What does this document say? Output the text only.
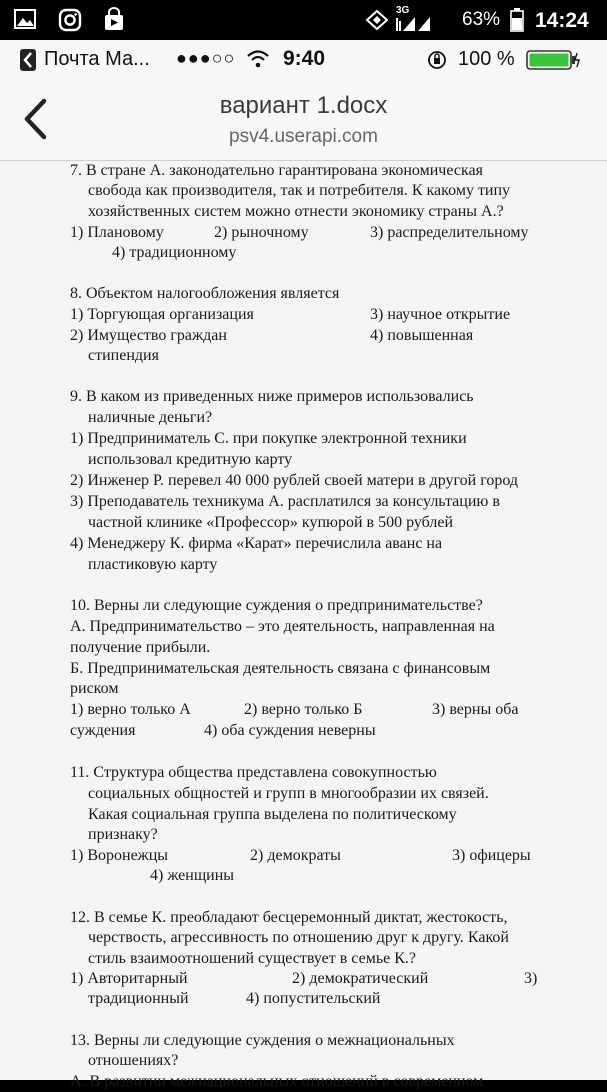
3G	63% 14:24
Почта Ма... ●●●○○ 9:40	100 %
вариант 1.docx
psv4.userapi.com
7. В стране А. законодательно гарантирована экономическая
свобода как производителя, так и потребителя. К какому типу
хозяйственных систем можно отнести экономику страны А.?
1) Плановому	2) рыночному	3) распределительному
4) традиционному
8. Объектом налогообложения является
1) Торгующая организация	3) научное открытие
2) Имущество граждан	4) повышенная
стипендия
9. В каком из приведенных ниже примеров использовались
наличные деньги?
1) Предприниматель С. при покупке электронной техники
использовал кредитную карту
2) Инженер Р. перевел 40 000 рублей своей матери в другой город
3) Преподаватель техникума А. расплатился за консультацию в
частной клинике «Профессор» купюрой в 500 рублей
4) Менеджеру К. фирма «Карат» перечислила аванс на
пластиковую карту
10. Верны ли следующие суждения о предпринимательстве?
А. Предпринимательство – это деятельность, направленная на
получение прибыли.
Б. Предпринимательская деятельность связана с финансовым
риском
1) верно только А	2) верно только Б	3) верны оба
суждения	4) оба суждения неверны
11. Структура общества представлена совокупностью
социальных общностей и групп в многообразии их связей.
Какая социальная группа выделена по политическому
признаку?
1) Воронежцы	2) демократы	3) офицеры
4) женщины
12. В семье К. преобладают бесцеремонный диктат, жестокость,
черствость, агрессивность по отношению друг к другу. Какой
стиль взаимоотношений существует в семье К.?
1) Авторитарный	2) демократический	3)
традиционный	4) попустительский
13. Верны ли следующие суждения о межнациональных
отношениях?
А. В развитии межнациональных отношений в современном
